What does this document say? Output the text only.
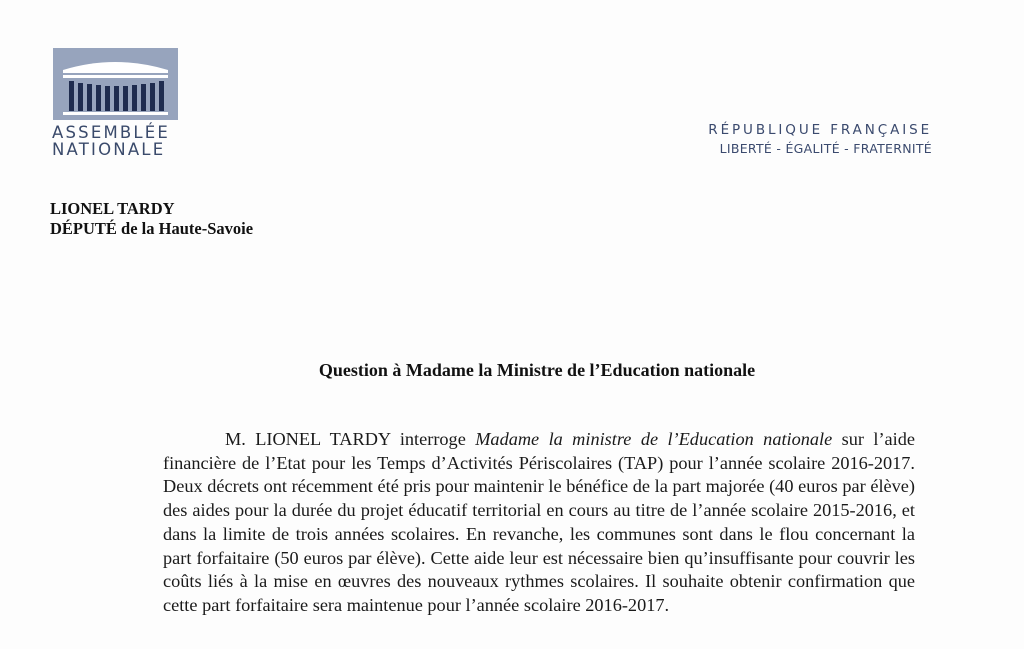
ASSEMBLÉE
NATIONALE
RÉPUBLIQUE FRANÇAISE
LIBERTÉ - ÉGALITÉ - FRATERNITÉ
LIONEL TARDY
DÉPUTÉ de la Haute-Savoie
Question à Madame la Ministre de l’Education nationale

M. LIONEL TARDY interroge Madame la ministre de l’Education nationale sur l’aide financière de l’Etat pour les Temps d’Activités Périscolaires (TAP) pour l’année scolaire 2016-2017. Deux décrets ont récemment été pris pour maintenir le bénéfice de la part majorée (40 euros par élève) des aides pour la durée du projet éducatif territorial en cours au titre de l’année scolaire 2015-2016, et dans la limite de trois années scolaires. En revanche, les communes sont dans le flou concernant la part forfaitaire (50 euros par élève). Cette aide leur est nécessaire bien qu’insuffisante pour couvrir les coûts liés à la mise en œuvres des nouveaux rythmes scolaires. Il souhaite obtenir confirmation que cette part forfaitaire sera maintenue pour l’année scolaire 2016-2017.
